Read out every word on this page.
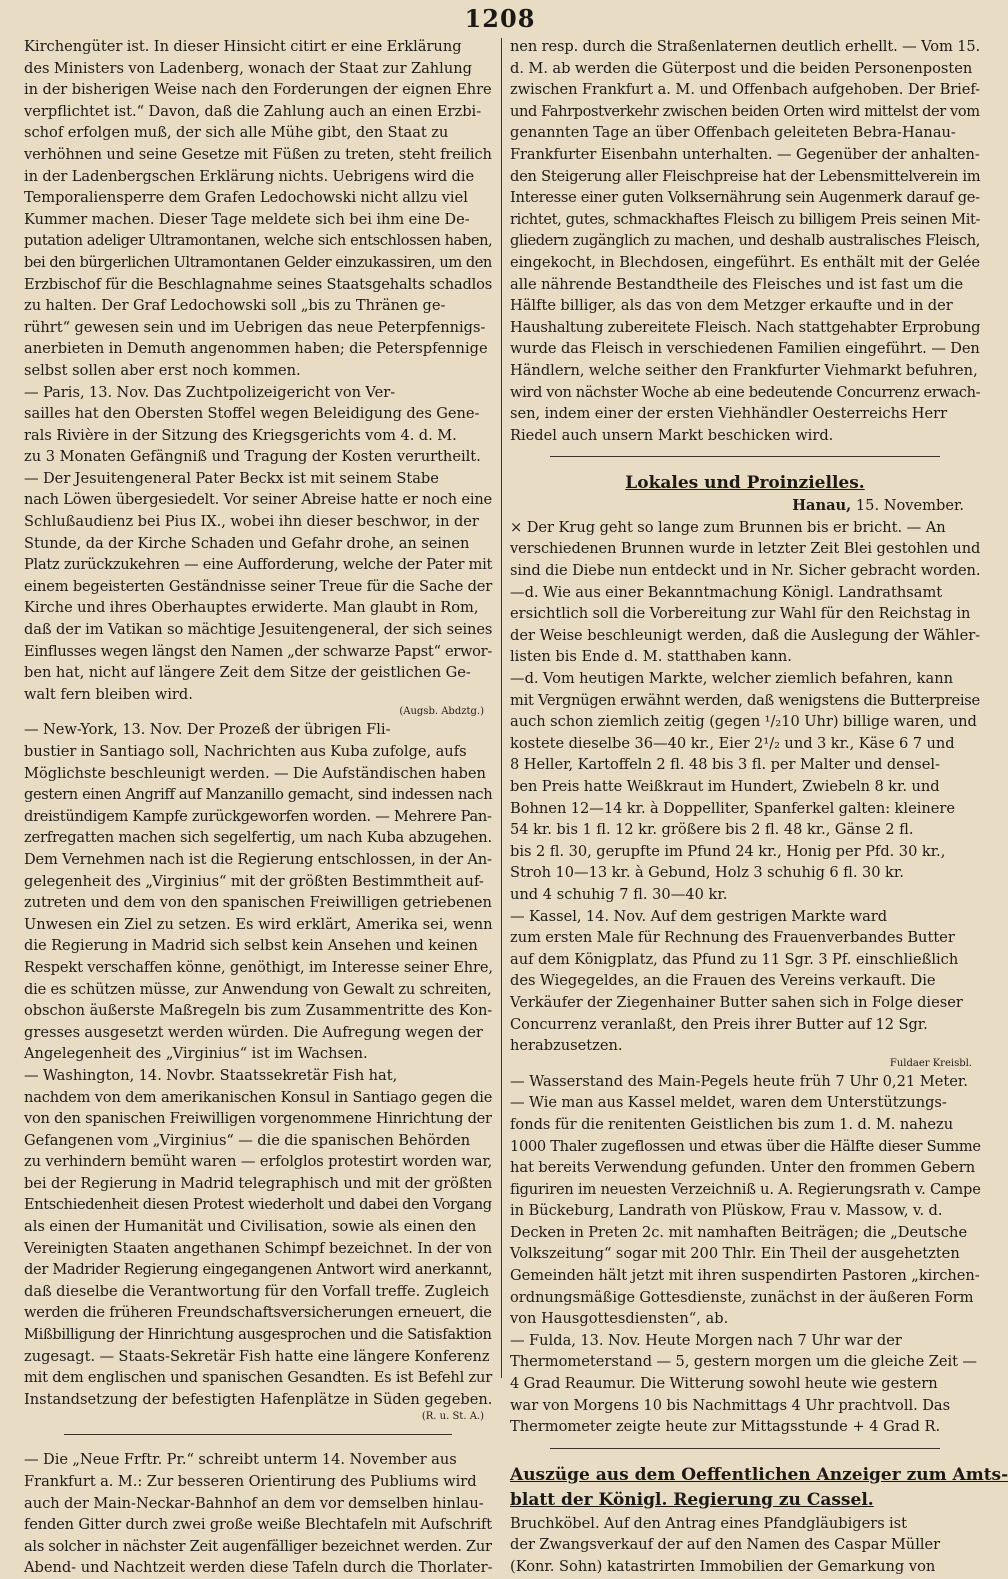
1208
Kirchengüter ist. In dieser Hinsicht citirt er eine Erklärung
des Ministers von Ladenberg, wonach der Staat zur Zahlung
in der bisherigen Weise nach den Forderungen der eignen Ehre
verpflichtet ist.“ Davon, daß die Zahlung auch an einen Erzbi-
schof erfolgen muß, der sich alle Mühe gibt, den Staat zu
verhöhnen und seine Gesetze mit Füßen zu treten, steht freilich
in der Ladenbergschen Erklärung nichts. Uebrigens wird die
Temporaliensperre dem Grafen Ledochowski nicht allzu viel
Kummer machen. Dieser Tage meldete sich bei ihm eine De-
putation adeliger Ultramontanen, welche sich entschlossen haben,
bei den bürgerlichen Ultramontanen Gelder einzukassiren, um den
Erzbischof für die Beschlagnahme seines Staatsgehalts schadlos
zu halten. Der Graf Ledochowski soll „bis zu Thränen ge-
rührt“ gewesen sein und im Uebrigen das neue Peterpfennigs-
anerbieten in Demuth angenommen haben; die Peterspfennige
selbst sollen aber erst noch kommen.
— Paris, 13. Nov. Das Zuchtpolizeigericht von Ver-
sailles hat den Obersten Stoffel wegen Beleidigung des Gene-
rals Rivière in der Sitzung des Kriegsgerichts vom 4. d. M.
zu 3 Monaten Gefängniß und Tragung der Kosten verurtheilt.
— Der Jesuitengeneral Pater Beckx ist mit seinem Stabe
nach Löwen übergesiedelt. Vor seiner Abreise hatte er noch eine
Schlußaudienz bei Pius IX., wobei ihn dieser beschwor, in der
Stunde, da der Kirche Schaden und Gefahr drohe, an seinen
Platz zurückzukehren — eine Aufforderung, welche der Pater mit
einem begeisterten Geständnisse seiner Treue für die Sache der
Kirche und ihres Oberhauptes erwiderte. Man glaubt in Rom,
daß der im Vatikan so mächtige Jesuitengeneral, der sich seines
Einflusses wegen längst den Namen „der schwarze Papst“ erwor-
ben hat, nicht auf längere Zeit dem Sitze der geistlichen Ge-
walt fern bleiben wird.
(Augsb. Abdztg.)
— New-York, 13. Nov. Der Prozeß der übrigen Fli-
bustier in Santiago soll, Nachrichten aus Kuba zufolge, aufs
Möglichste beschleunigt werden. — Die Aufständischen haben
gestern einen Angriff auf Manzanillo gemacht, sind indessen nach
dreistündigem Kampfe zurückgeworfen worden. — Mehrere Pan-
zerfregatten machen sich segelfertig, um nach Kuba abzugehen.
Dem Vernehmen nach ist die Regierung entschlossen, in der An-
gelegenheit des „Virginius“ mit der größten Bestimmtheit auf-
zutreten und dem von den spanischen Freiwilligen getriebenen
Unwesen ein Ziel zu setzen. Es wird erklärt, Amerika sei, wenn
die Regierung in Madrid sich selbst kein Ansehen und keinen
Respekt verschaffen könne, genöthigt, im Interesse seiner Ehre,
die es schützen müsse, zur Anwendung von Gewalt zu schreiten,
obschon äußerste Maßregeln bis zum Zusammentritte des Kon-
gresses ausgesetzt werden würden. Die Aufregung wegen der
Angelegenheit des „Virginius“ ist im Wachsen.
— Washington, 14. Novbr. Staatssekretär Fish hat,
nachdem von dem amerikanischen Konsul in Santiago gegen die
von den spanischen Freiwilligen vorgenommene Hinrichtung der
Gefangenen vom „Virginius“ — die die spanischen Behörden
zu verhindern bemüht waren — erfolglos protestirt worden war,
bei der Regierung in Madrid telegraphisch und mit der größten
Entschiedenheit diesen Protest wiederholt und dabei den Vorgang
als einen der Humanität und Civilisation, sowie als einen den
Vereinigten Staaten angethanen Schimpf bezeichnet. In der von
der Madrider Regierung eingegangenen Antwort wird anerkannt,
daß dieselbe die Verantwortung für den Vorfall treffe. Zugleich
werden die früheren Freundschaftsversicherungen erneuert, die
Mißbilligung der Hinrichtung ausgesprochen und die Satisfaktion
zugesagt. — Staats-Sekretär Fish hatte eine längere Konferenz
mit dem englischen und spanischen Gesandten. Es ist Befehl zur
Instandsetzung der befestigten Hafenplätze in Süden gegeben.
(R. u. St. A.)
— Die „Neue Frftr. Pr.“ schreibt unterm 14. November aus
Frankfurt a. M.: Zur besseren Orientirung des Publiums wird
auch der Main-Neckar-Bahnhof an dem vor demselben hinlau-
fenden Gitter durch zwei große weiße Blechtafeln mit Aufschrift
als solcher in nächster Zeit augenfälliger bezeichnet werden. Zur
Abend- und Nachtzeit werden diese Tafeln durch die Thorlater-
nen resp. durch die Straßenlaternen deutlich erhellt. — Vom 15.
d. M. ab werden die Güterpost und die beiden Personenposten
zwischen Frankfurt a. M. und Offenbach aufgehoben. Der Brief-
und Fahrpostverkehr zwischen beiden Orten wird mittelst der vom
genannten Tage an über Offenbach geleiteten Bebra-Hanau-
Frankfurter Eisenbahn unterhalten. — Gegenüber der anhalten-
den Steigerung aller Fleischpreise hat der Lebensmittelverein im
Interesse einer guten Volksernährung sein Augenmerk darauf ge-
richtet, gutes, schmackhaftes Fleisch zu billigem Preis seinen Mit-
gliedern zugänglich zu machen, und deshalb australisches Fleisch,
eingekocht, in Blechdosen, eingeführt. Es enthält mit der Gelée
alle nährende Bestandtheile des Fleisches und ist fast um die
Hälfte billiger, als das von dem Metzger erkaufte und in der
Haushaltung zubereitete Fleisch. Nach stattgehabter Erprobung
wurde das Fleisch in verschiedenen Familien eingeführt. — Den
Händlern, welche seither den Frankfurter Viehmarkt befuhren,
wird von nächster Woche ab eine bedeutende Concurrenz erwach-
sen, indem einer der ersten Viehhändler Oesterreichs Herr
Riedel auch unsern Markt beschicken wird.
Lokales und Proinzielles.
Hanau, 15. November.
× Der Krug geht so lange zum Brunnen bis er bricht. — An
verschiedenen Brunnen wurde in letzter Zeit Blei gestohlen und
sind die Diebe nun entdeckt und in Nr. Sicher gebracht worden.
—d. Wie aus einer Bekanntmachung Königl. Landrathsamt
ersichtlich soll die Vorbereitung zur Wahl für den Reichstag in
der Weise beschleunigt werden, daß die Auslegung der Wähler-
listen bis Ende d. M. statthaben kann.
—d. Vom heutigen Markte, welcher ziemlich befahren, kann
mit Vergnügen erwähnt werden, daß wenigstens die Butterpreise
auch schon ziemlich zeitig (gegen ¹/₂10 Uhr) billige waren, und
kostete dieselbe 36—40 kr., Eier 2¹/₂ und 3 kr., Käse 6 7 und
8 Heller, Kartoffeln 2 fl. 48 bis 3 fl. per Malter und densel-
ben Preis hatte Weißkraut im Hundert, Zwiebeln 8 kr. und
Bohnen 12—14 kr. à Doppelliter, Spanferkel galten: kleinere
54 kr. bis 1 fl. 12 kr. größere bis 2 fl. 48 kr., Gänse 2 fl.
bis 2 fl. 30, gerupfte im Pfund 24 kr., Honig per Pfd. 30 kr.,
Stroh 10—13 kr. à Gebund, Holz 3 schuhig 6 fl. 30 kr.
und 4 schuhig 7 fl. 30—40 kr.
— Kassel, 14. Nov. Auf dem gestrigen Markte ward
zum ersten Male für Rechnung des Frauenverbandes Butter
auf dem Königplatz, das Pfund zu 11 Sgr. 3 Pf. einschließlich
des Wiegegeldes, an die Frauen des Vereins verkauft. Die
Verkäufer der Ziegenhainer Butter sahen sich in Folge dieser
Concurrenz veranlaßt, den Preis ihrer Butter auf 12 Sgr.
herabzusetzen.
Fuldaer Kreisbl.
— Wasserstand des Main-Pegels heute früh 7 Uhr 0,21 Meter.
— Wie man aus Kassel meldet, waren dem Unterstützungs-
fonds für die renitenten Geistlichen bis zum 1. d. M. nahezu
1000 Thaler zugeflossen und etwas über die Hälfte dieser Summe
hat bereits Verwendung gefunden. Unter den frommen Gebern
figuriren im neuesten Verzeichniß u. A. Regierungsrath v. Campe
in Bückeburg, Landrath von Plüskow, Frau v. Massow, v. d.
Decken in Preten 2c. mit namhaften Beiträgen; die „Deutsche
Volkszeitung“ sogar mit 200 Thlr. Ein Theil der ausgehetzten
Gemeinden hält jetzt mit ihren suspendirten Pastoren „kirchen-
ordnungsmäßige Gottesdienste, zunächst in der äußeren Form
von Hausgottesdiensten“, ab.
— Fulda, 13. Nov. Heute Morgen nach 7 Uhr war der
Thermometerstand — 5, gestern morgen um die gleiche Zeit —
4 Grad Reaumur. Die Witterung sowohl heute wie gestern
war von Morgens 10 bis Nachmittags 4 Uhr prachtvoll. Das
Thermometer zeigte heute zur Mittagsstunde + 4 Grad R.
Auszüge aus dem Oeffentlichen Anzeiger zum Amts-
blatt der Königl. Regierung zu Cassel.
Bruchköbel. Auf den Antrag eines Pfandgläubigers ist
der Zwangsverkauf der auf den Namen des Caspar Müller
(Konr. Sohn) katastrirten Immobilien der Gemarkung von
